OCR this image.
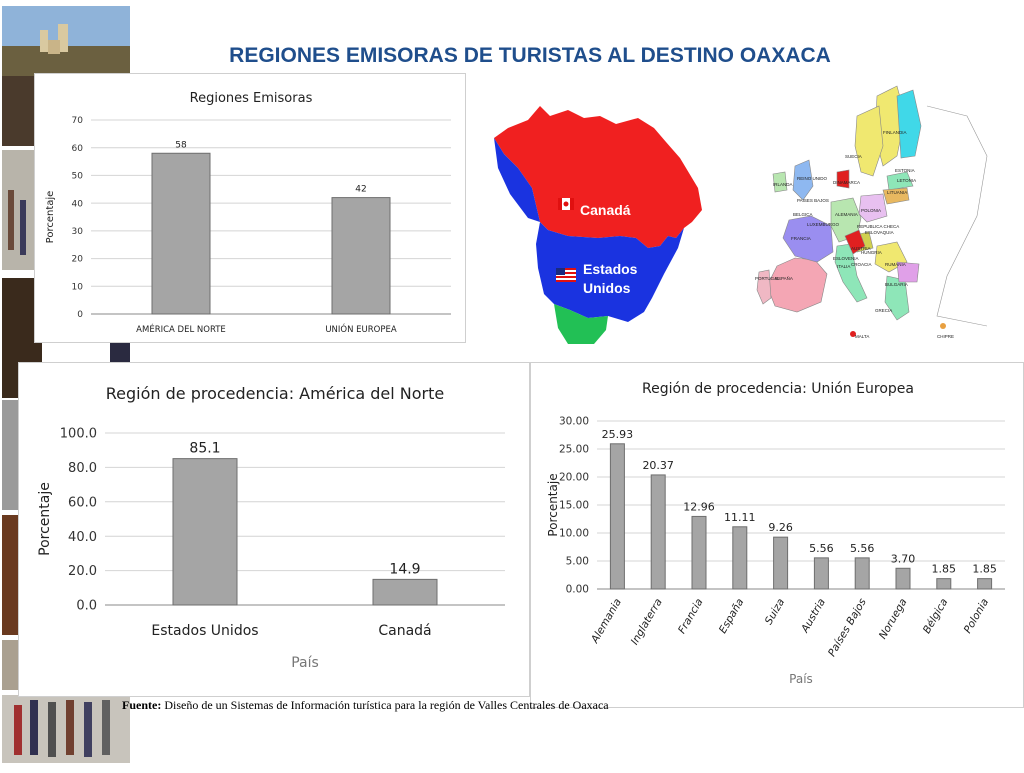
REGIONES EMISORAS DE TURISTAS AL DESTINO OAXACA
Regiones Emisoras
0
10
20
30
40
50
60
70
Porcentaje
58
AMÉRICA DEL NORTE
42
UNIÓN EUROPEA
Canadá
Estados
Unidos
FINLANDIA
SUECIA
ESTONIA
LETONIA
LITUANIA
IRLANDA	DINAMARCA
REINO UNIDO
PAISES BAJOS
BELGICA	ALEMANIA
POLONIA
LUXEMBURGO	REPUBLICA CHECA
ESLOVAQUIA
FRANCIA
AUSTRIA
HUNGRIA
ESLOVENIA
RUMANIA
ITALIA CROACIA
BULGARIA
PORTUGAL
ESPAÑA
GRECIA
MALTA	CHIPRE
Región de procedencia: América del Norte
0.0
20.0
40.0
60.0
80.0
100.0
Porcentaje
85.1
Estados Unidos
14.9
Canadá
País
Región de procedencia: Unión Europea
0.00
5.00
10.00
15.00
20.00
25.00
30.00
Porcentaje
25.93
Alemania
20.37
Inglaterra
12.96
Francia
11.11
España
9.26
Suiza
5.56
Austria
5.56
Países Bajos
3.70
Noruega
1.85
Bélgica
1.85
Polonia
País
Fuente: Diseño de un Sistemas de Información turística para la región de Valles Centrales de Oaxaca
